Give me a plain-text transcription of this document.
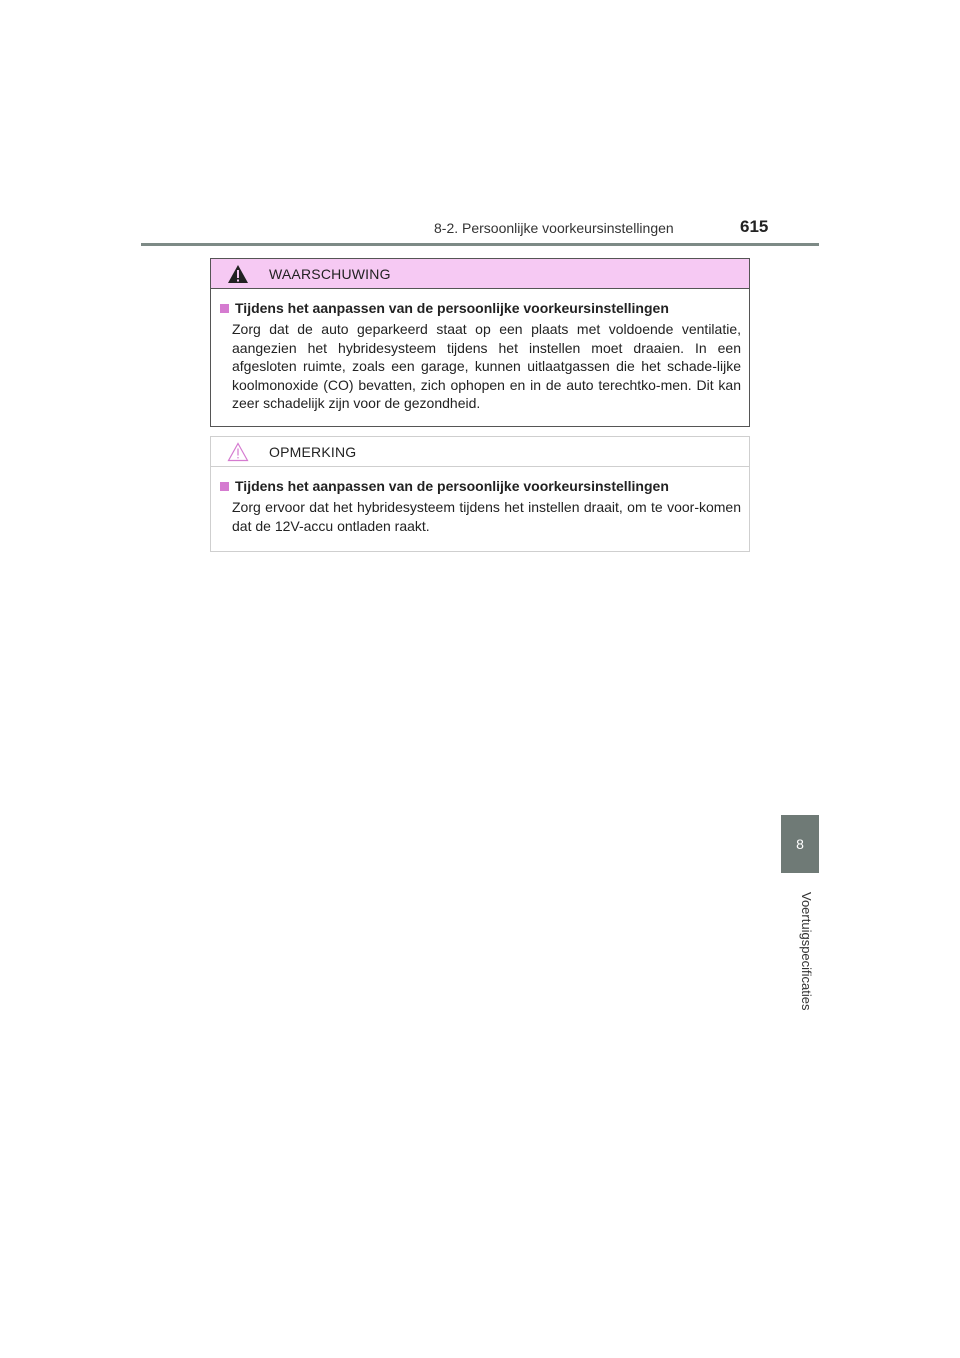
8-2. Persoonlijke voorkeursinstellingen	615
WAARSCHUWING
Tijdens het aanpassen van de persoonlijke voorkeursinstellingen
Zorg dat de auto geparkeerd staat op een plaats met voldoende ventilatie, aangezien het hybridesysteem tijdens het instellen moet draaien. In een afgesloten ruimte, zoals een garage, kunnen uitlaatgassen die het schade-lijke koolmonoxide (CO) bevatten, zich ophopen en in de auto terechtko-men. Dit kan zeer schadelijk zijn voor de gezondheid.
OPMERKING
Tijdens het aanpassen van de persoonlijke voorkeursinstellingen
Zorg ervoor dat het hybridesysteem tijdens het instellen draait, om te voor-komen dat de 12V-accu ontladen raakt.
8
Voertuigspecificaties
